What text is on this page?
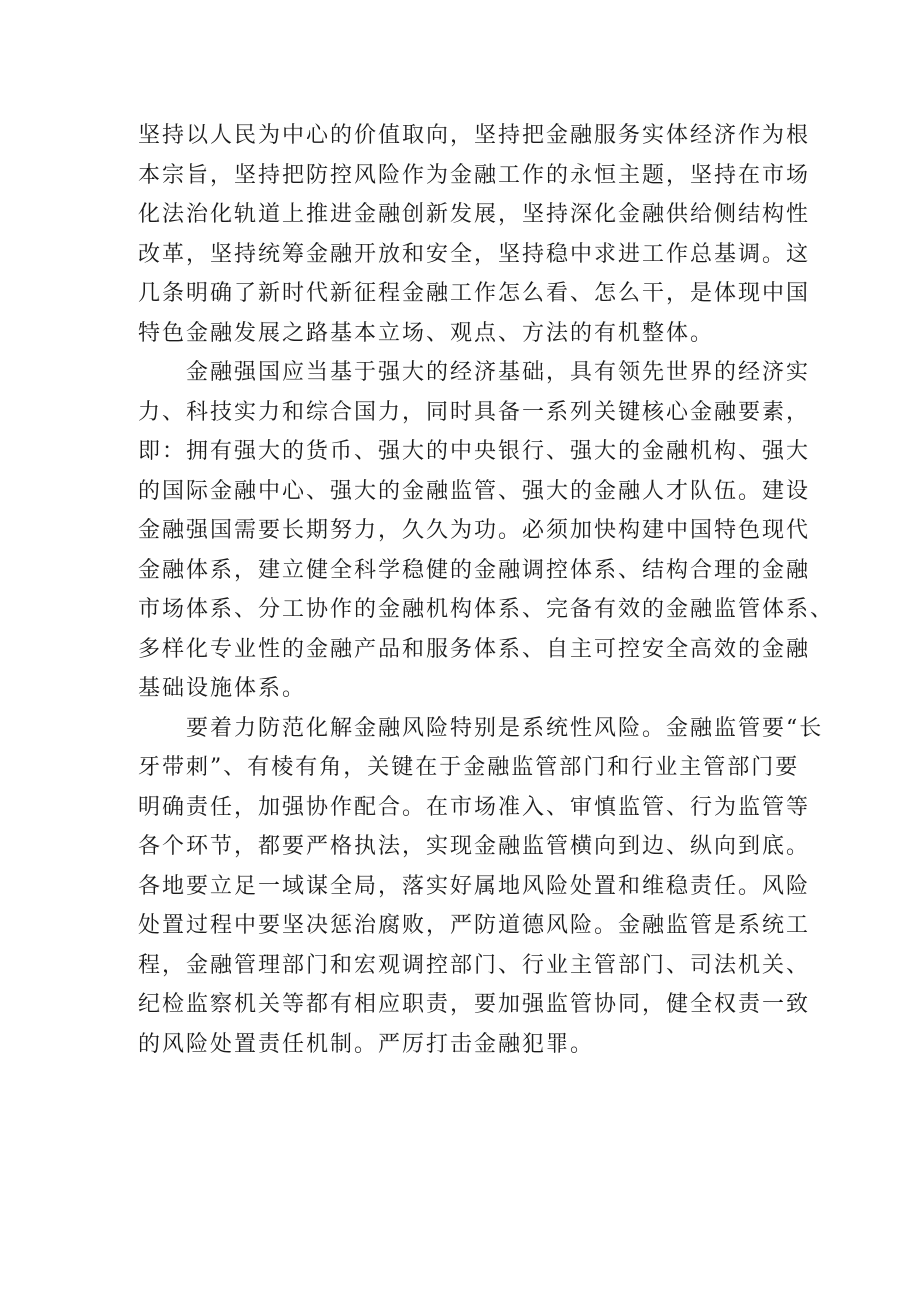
坚持以人民为中心的价值取向，坚持把金融服务实体经济作为根
本宗旨，坚持把防控风险作为金融工作的永恒主题，坚持在市场
化法治化轨道上推进金融创新发展，坚持深化金融供给侧结构性
改革，坚持统筹金融开放和安全，坚持稳中求进工作总基调。这
几条明确了新时代新征程金融工作怎么看、怎么干，是体现中国
特色金融发展之路基本立场、观点、方法的有机整体。
金融强国应当基于强大的经济基础，具有领先世界的经济实
力、科技实力和综合国力，同时具备一系列关键核心金融要素，
即：拥有强大的货币、强大的中央银行、强大的金融机构、强大
的国际金融中心、强大的金融监管、强大的金融人才队伍。建设
金融强国需要长期努力，久久为功。必须加快构建中国特色现代
金融体系，建立健全科学稳健的金融调控体系、结构合理的金融
市场体系、分工协作的金融机构体系、完备有效的金融监管体系、
多样化专业性的金融产品和服务体系、自主可控安全高效的金融
基础设施体系。
要着力防范化解金融风险特别是系统性风险。金融监管要“长
牙带刺”、有棱有角，关键在于金融监管部门和行业主管部门要
明确责任，加强协作配合。在市场准入、审慎监管、行为监管等
各个环节，都要严格执法，实现金融监管横向到边、纵向到底。
各地要立足一域谋全局，落实好属地风险处置和维稳责任。风险
处置过程中要坚决惩治腐败，严防道德风险。金融监管是系统工
程，金融管理部门和宏观调控部门、行业主管部门、司法机关、
纪检监察机关等都有相应职责，要加强监管协同，健全权责一致
的风险处置责任机制。严厉打击金融犯罪。
